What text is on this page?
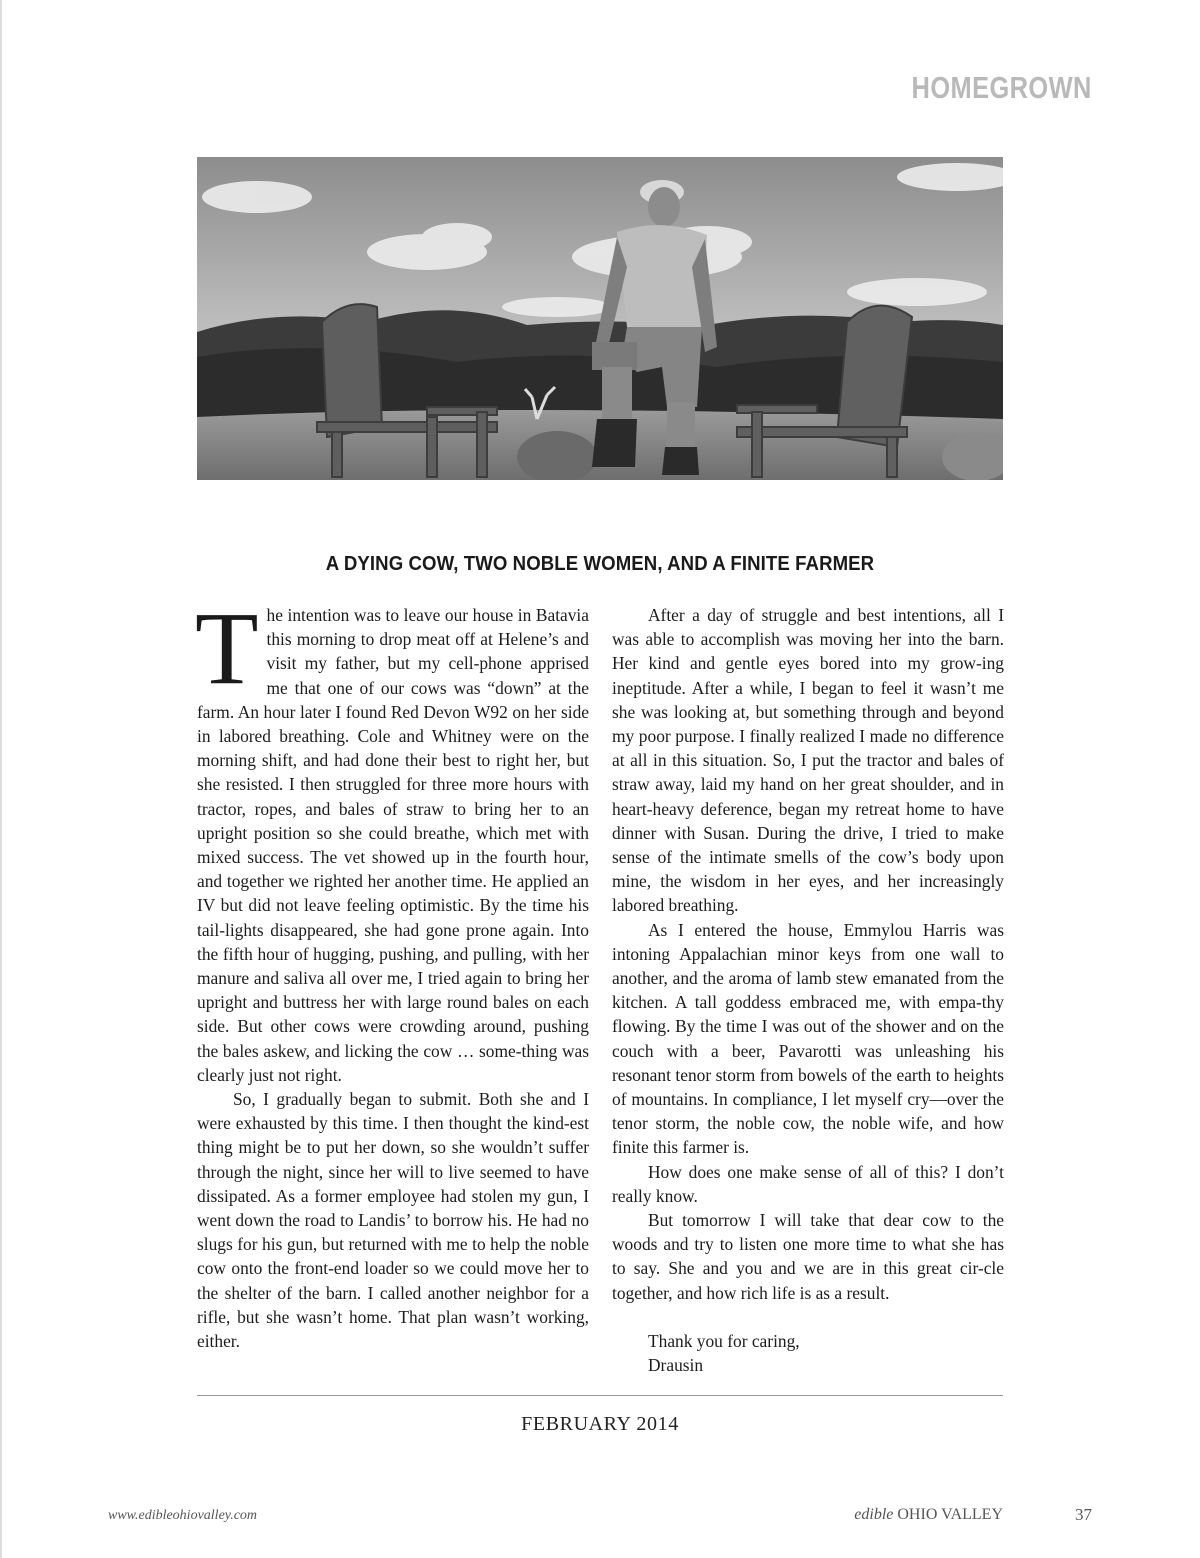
HOMEGROWN
A DYING COW, TWO NOBLE WOMEN, AND A FINITE FARMER

The intention was to leave our house in Batavia this morning to drop meat off at Helene’s and visit my father, but my cell-phone apprised me that one of our cows was “down” at the farm. An hour later I found Red Devon W92 on her side in labored breathing. Cole and Whitney were on the morning shift, and had done their best to right her, but she resisted. I then struggled for three more hours with tractor, ropes, and bales of straw to bring her to an upright position so she could breathe, which met with mixed success. The vet showed up in the fourth hour, and together we righted her another time. He applied an IV but did not leave feeling optimistic. By the time his tail-lights disappeared, she had gone prone again. Into the fifth hour of hugging, pushing, and pulling, with her manure and saliva all over me, I tried again to bring her upright and buttress her with large round bales on each side. But other cows were crowding around, pushing the bales askew, and licking the cow … some-thing was clearly just not right.

So, I gradually began to submit. Both she and I were exhausted by this time. I then thought the kind-est thing might be to put her down, so she wouldn’t suffer through the night, since her will to live seemed to have dissipated. As a former employee had stolen my gun, I went down the road to Landis’ to borrow his. He had no slugs for his gun, but returned with me to help the noble cow onto the front-end loader so we could move her to the shelter of the barn. I called another neighbor for a rifle, but she wasn’t home. That plan wasn’t working, either.

After a day of struggle and best intentions, all I was able to accomplish was moving her into the barn. Her kind and gentle eyes bored into my grow-ing ineptitude. After a while, I began to feel it wasn’t me she was looking at, but something through and beyond my poor purpose. I finally realized I made no difference at all in this situation. So, I put the tractor and bales of straw away, laid my hand on her great shoulder, and in heart-heavy deference, began my retreat home to have dinner with Susan. During the drive, I tried to make sense of the intimate smells of the cow’s body upon mine, the wisdom in her eyes, and her increasingly labored breathing.

As I entered the house, Emmylou Harris was intoning Appalachian minor keys from one wall to another, and the aroma of lamb stew emanated from the kitchen. A tall goddess embraced me, with empa-thy flowing. By the time I was out of the shower and on the couch with a beer, Pavarotti was unleashing his resonant tenor storm from bowels of the earth to heights of mountains. In compliance, I let myself cry—over the tenor storm, the noble cow, the noble wife, and how finite this farmer is.

How does one make sense of all of this? I don’t really know.

But tomorrow I will take that dear cow to the woods and try to listen one more time to what she has to say. She and you and we are in this great cir-cle together, and how rich life is as a result.

Thank you for caring,
Drausin

FEBRUARY 2014
www.edibleohiovalley.com	edible OHIO VALLEY	37
